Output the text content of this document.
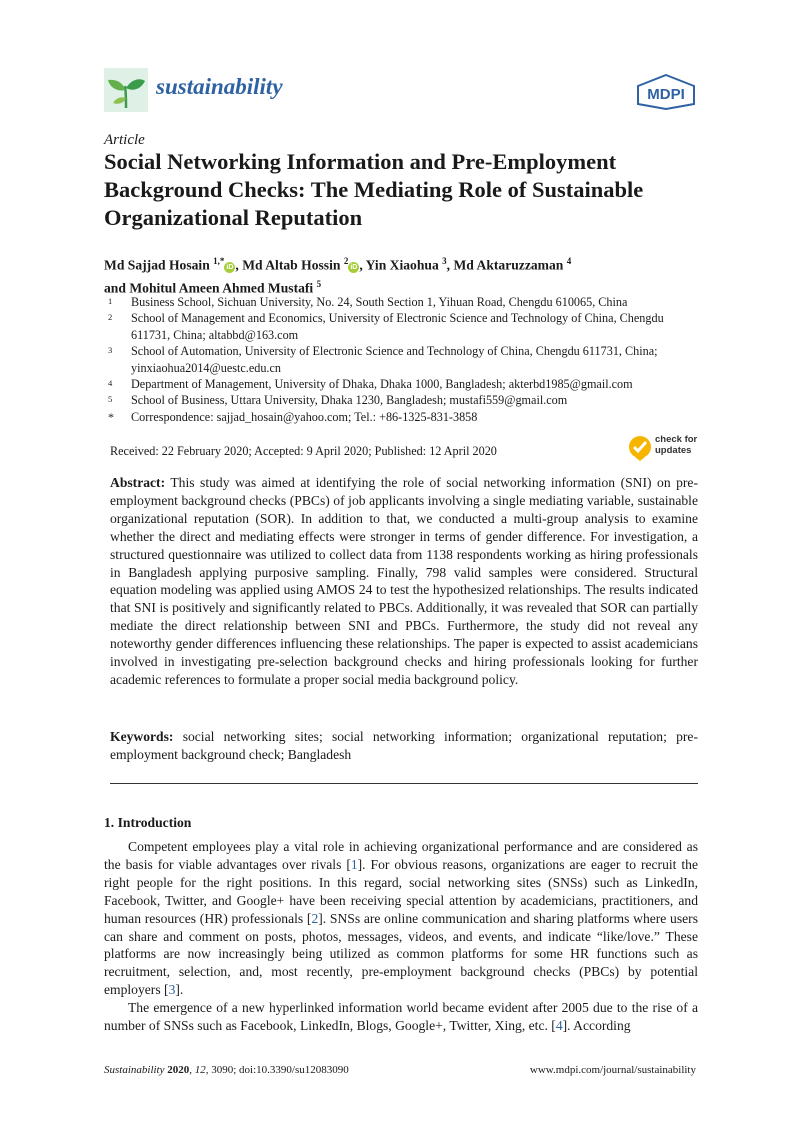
sustainability	MDPI
Article
Social Networking Information and Pre-Employment Background Checks: The Mediating Role of Sustainable Organizational Reputation
Md Sajjad Hosain $^{1,*}$iD , Md Altab Hossin $^2$iD , Yin Xiaohua $^3$, Md Aktaruzzaman $^4$
and Mohitul Ameen Ahmed Mustafi $^5$
1 Business School, Sichuan University, No. 24, South Section 1, Yihuan Road, Chengdu 610065, China
2 School of Management and Economics, University of Electronic Science and Technology of China, Chengdu 611731, China; altabbd@163.com
3 School of Automation, University of Electronic Science and Technology of China, Chengdu 611731, China; yinxiaohua2014@uestc.edu.cn
4 Department of Management, University of Dhaka, Dhaka 1000, Bangladesh; akterbd1985@gmail.com
5 School of Business, Uttara University, Dhaka 1230, Bangladesh; mustafi559@gmail.com
* Correspondence: sajjad_hosain@yahoo.com; Tel.: +86-1325-831-3858
Received: 22 February 2020; Accepted: 9 April 2020; Published: 12 April 2020
check for
updates

Abstract: This study was aimed at identifying the role of social networking information (SNI) on pre-employment background checks (PBCs) of job applicants involving a single mediating variable, sustainable organizational reputation (SOR). In addition to that, we conducted a multi-group analysis to examine whether the direct and mediating effects were stronger in terms of gender difference. For investigation, a structured questionnaire was utilized to collect data from 1138 respondents working as hiring professionals in Bangladesh applying purposive sampling. Finally, 798 valid samples were considered. Structural equation modeling was applied using AMOS 24 to test the hypothesized relationships. The results indicated that SNI is positively and significantly related to PBCs. Additionally, it was revealed that SOR can partially mediate the direct relationship between SNI and PBCs. Furthermore, the study did not reveal any noteworthy gender differences influencing these relationships. The paper is expected to assist academicians involved in investigating pre-selection background checks and hiring professionals looking for further academic references to formulate a proper social media background policy.

Keywords: social networking sites; social networking information; organizational reputation; pre-employment background check; Bangladesh

1. Introduction

Competent employees play a vital role in achieving organizational performance and are considered as the basis for viable advantages over rivals [1]. For obvious reasons, organizations are eager to recruit the right people for the right positions. In this regard, social networking sites (SNSs) such as LinkedIn, Facebook, Twitter, and Google+ have been receiving special attention by academicians, practitioners, and human resources (HR) professionals [2]. SNSs are online communication and sharing platforms where users can share and comment on posts, photos, messages, videos, and events, and indicate “like/love.” These platforms are now increasingly being utilized as common platforms for some HR functions such as recruitment, selection, and, most recently, pre-employment background checks (PBCs) by potential employers [3].

The emergence of a new hyperlinked information world became evident after 2005 due to the rise of a number of SNSs such as Facebook, LinkedIn, Blogs, Google+, Twitter, Xing, etc. [4]. According

Sustainability 2020, 12, 3090; doi:10.3390/su12083090	www.mdpi.com/journal/sustainability
